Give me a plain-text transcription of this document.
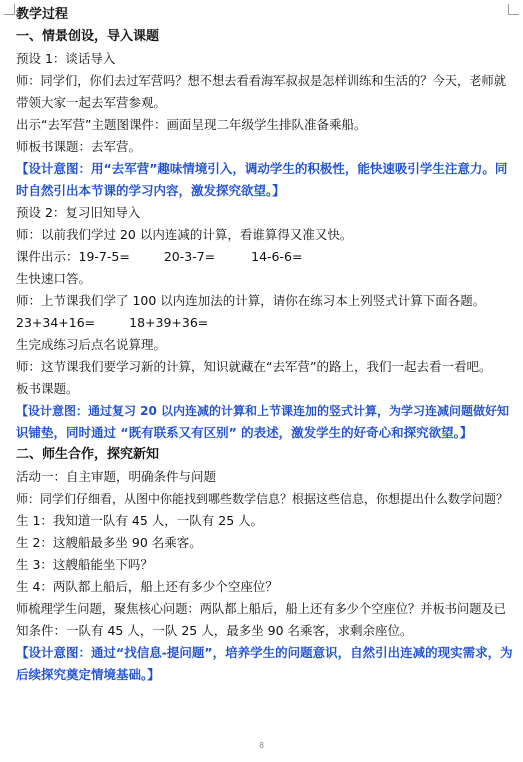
教学过程
一、情景创设，导入课题
预设 1：谈话导入
师：同学们，你们去过军营吗？想不想去看看海军叔叔是怎样训练和生活的？今天，老师就
带领大家一起去军营参观。
出示“去军营”主题图课件：画面呈现二年级学生排队准备乘船。
师板书课题：去军营。
【设计意图：用“去军营”趣味情境引入，调动学生的积极性，能快速吸引学生注意力。同
时自然引出本节课的学习内容，激发探究欲望。】
预设 2：复习旧知导入
师：以前我们学过 20 以内连减的计算，看谁算得又准又快。
课件出示：19-7-5=	20-3-7=	14-6-6=
生快速口答。
师：上节课我们学了 100 以内连加法的计算，请你在练习本上列竖式计算下面各题。
23+34+16=	18+39+36=
生完成练习后点名说算理。
师：这节课我们要学习新的计算，知识就藏在“去军营”的路上，我们一起去看一看吧。
板书课题。
【设计意图：通过复习 20 以内连减的计算和上节课连加的竖式计算，为学习连减问题做好知
识铺垫，同时通过 “既有联系又有区别” 的表述，激发学生的好奇心和探究欲望。】
二、师生合作，探究新知
活动一：自主审题，明确条件与问题
师：同学们仔细看，从图中你能找到哪些数学信息？根据这些信息，你想提出什么数学问题？
生 1：我知道一队有 45 人，一队有 25 人。
生 2：这艘船最多坐 90 名乘客。
生 3：这艘船能坐下吗？
生 4：两队都上船后，船上还有多少个空座位？
师梳理学生问题，聚焦核心问题：两队都上船后，船上还有多少个空座位？并板书问题及已
知条件：一队有 45 人，一队 25 人，最多坐 90 名乘客，求剩余座位。
【设计意图：通过“找信息-提问题”，培养学生的问题意识，自然引出连减的现实需求，为
后续探究奠定情境基础。】
8
